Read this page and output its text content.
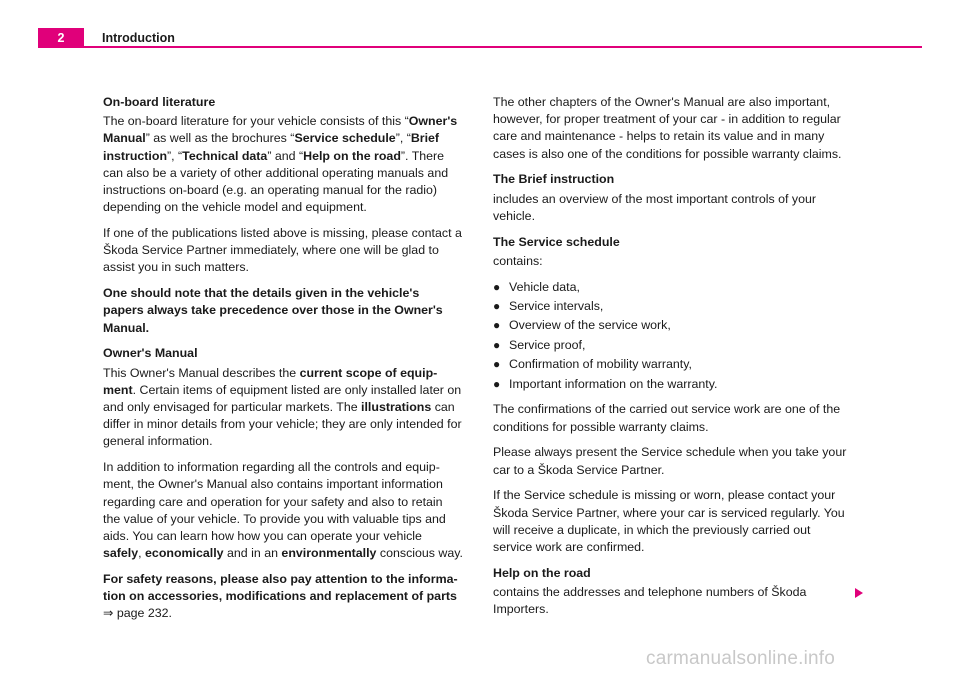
2	Introduction

On-board literature

The on-board literature for your vehicle consists of this “Owner's Manual” as well as the brochures “Service schedule”, “Brief instruction”, “Technical data” and “Help on the road”. There can also be a variety of other additional operating manuals and instructions on-board (e.g. an operating manual for the radio) depending on the vehicle model and equipment.

If one of the publications listed above is missing, please contact a Škoda Service Partner immediately, where one will be glad to assist you in such matters.

One should note that the details given in the vehicle's papers always take precedence over those in the Owner's Manual.

Owner's Manual

This Owner's Manual describes the current scope of equipment. Certain items of equipment listed are only installed later on and only envisaged for particular markets. The illustrations can differ in minor details from your vehicle; they are only intended for general information.

In addition to information regarding all the controls and equipment, the Owner's Manual also contains important information regarding care and operation for your safety and also to retain the value of your vehicle. To provide you with valuable tips and aids. You can learn how how you can operate your vehicle safely, economically and in an environmentally conscious way.

For safety reasons, please also pay attention to the information on accessories, modifications and replacement of parts
⇒ page 232.

The other chapters of the Owner's Manual are also important, however, for proper treatment of your car - in addition to regular care and maintenance - helps to retain its value and in many cases is also one of the conditions for possible warranty claims.

The Brief instruction

includes an overview of the most important controls of your vehicle.

The Service schedule

contains:

● Vehicle data,
● Service intervals,
● Overview of the service work,
● Service proof,
● Confirmation of mobility warranty,
● Important information on the warranty.

The confirmations of the carried out service work are one of the conditions for possible warranty claims.

Please always present the Service schedule when you take your car to a Škoda Service Partner.

If the Service schedule is missing or worn, please contact your Škoda Service Partner, where your car is serviced regularly. You will receive a duplicate, in which the previously carried out service work are confirmed.

Help on the road

contains the addresses and telephone numbers of Škoda Importers.

carmanualsonline.info
